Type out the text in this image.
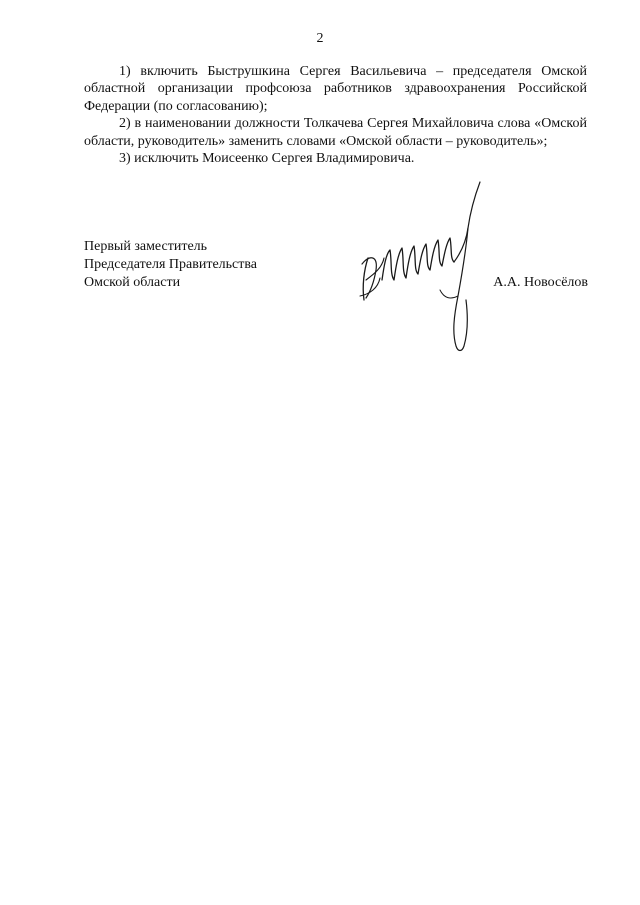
2

1) включить Быструшкина Сергея Васильевича – председателя Омской областной организации профсоюза работников здравоохранения Российской Федерации (по согласованию);

2) в наименовании должности Толкачева Сергея Михайловича слова «Омской области, руководитель» заменить словами «Омской области – руководитель»;

3) исключить Моисеенко Сергея Владимировича.

Первый заместитель
Председателя Правительства
Омской области	А.А. Новосёлов
